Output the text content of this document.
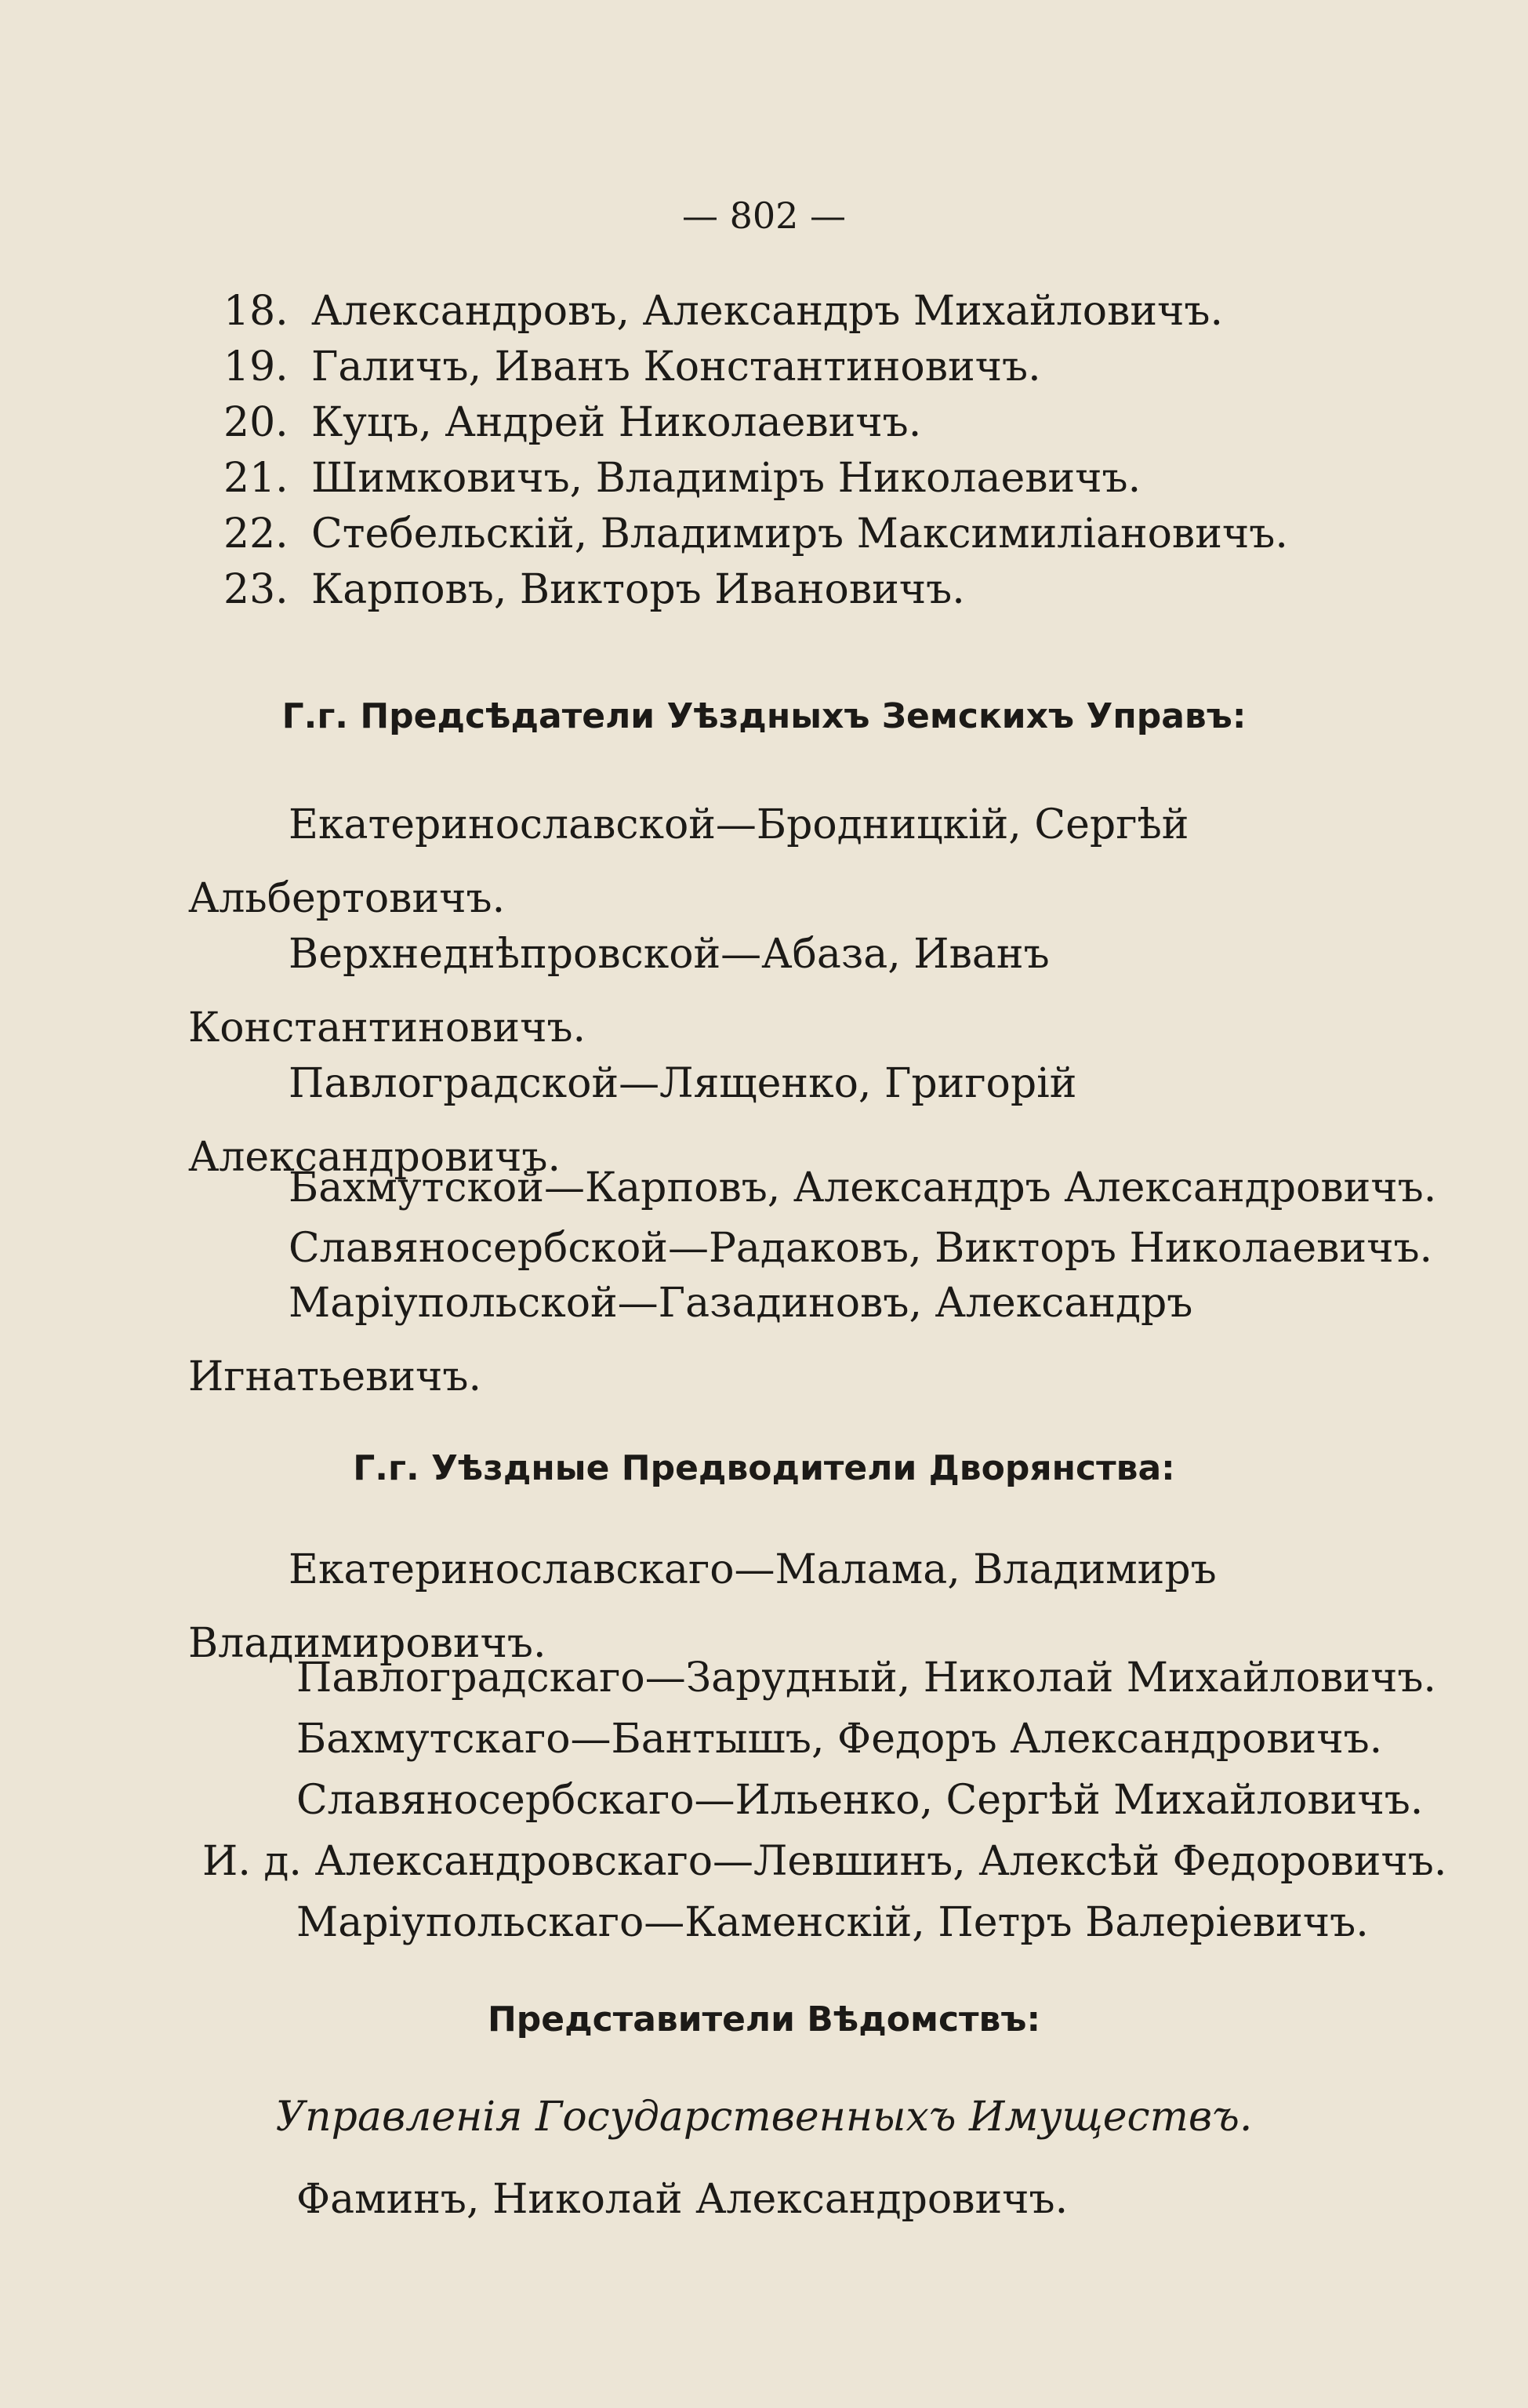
— 802 —
18. Александровъ, Александръ Михайловичъ.
19. Галичъ, Иванъ Константиновичъ.
20. Куцъ, Андрей Николаевичъ.
21. Шимковичъ, Владиміръ Николаевичъ.
22. Стебельскій, Владимиръ Максимиліановичъ.
23. Карповъ, Викторъ Ивановичъ.
Г.г. Предсѣдатели Уѣздныхъ Земскихъ Управъ:
Екатеринославской—Бродницкій, Сергѣй Альбертовичъ.
Верхнеднѣпровской—Абаза, Иванъ Константиновичъ.
Павлоградской—Лященко, Григорій Александровичъ.
Бахмутской—Карповъ, Александръ Александровичъ.
Славяносербской—Радаковъ, Викторъ Николаевичъ.
Маріупольской—Газадиновъ, Александръ Игнатьевичъ.
Г.г. Уѣздные Предводители Дворянства:
Екатеринославскаго—Малама, Владимиръ Владимировичъ.
Павлоградскаго—Зарудный, Николай Михайловичъ.
Бахмутскаго—Бантышъ, Федоръ Александровичъ.
Славяносербскаго—Ильенко, Сергѣй Михайловичъ.
И. д. Александровскаго—Левшинъ, Алексѣй Федоровичъ.
Маріупольскаго—Каменскій, Петръ Валеріевичъ.
Представители Вѣдомствъ:
Управленія Государственныхъ Имуществъ.
Фаминъ, Николай Александровичъ.
